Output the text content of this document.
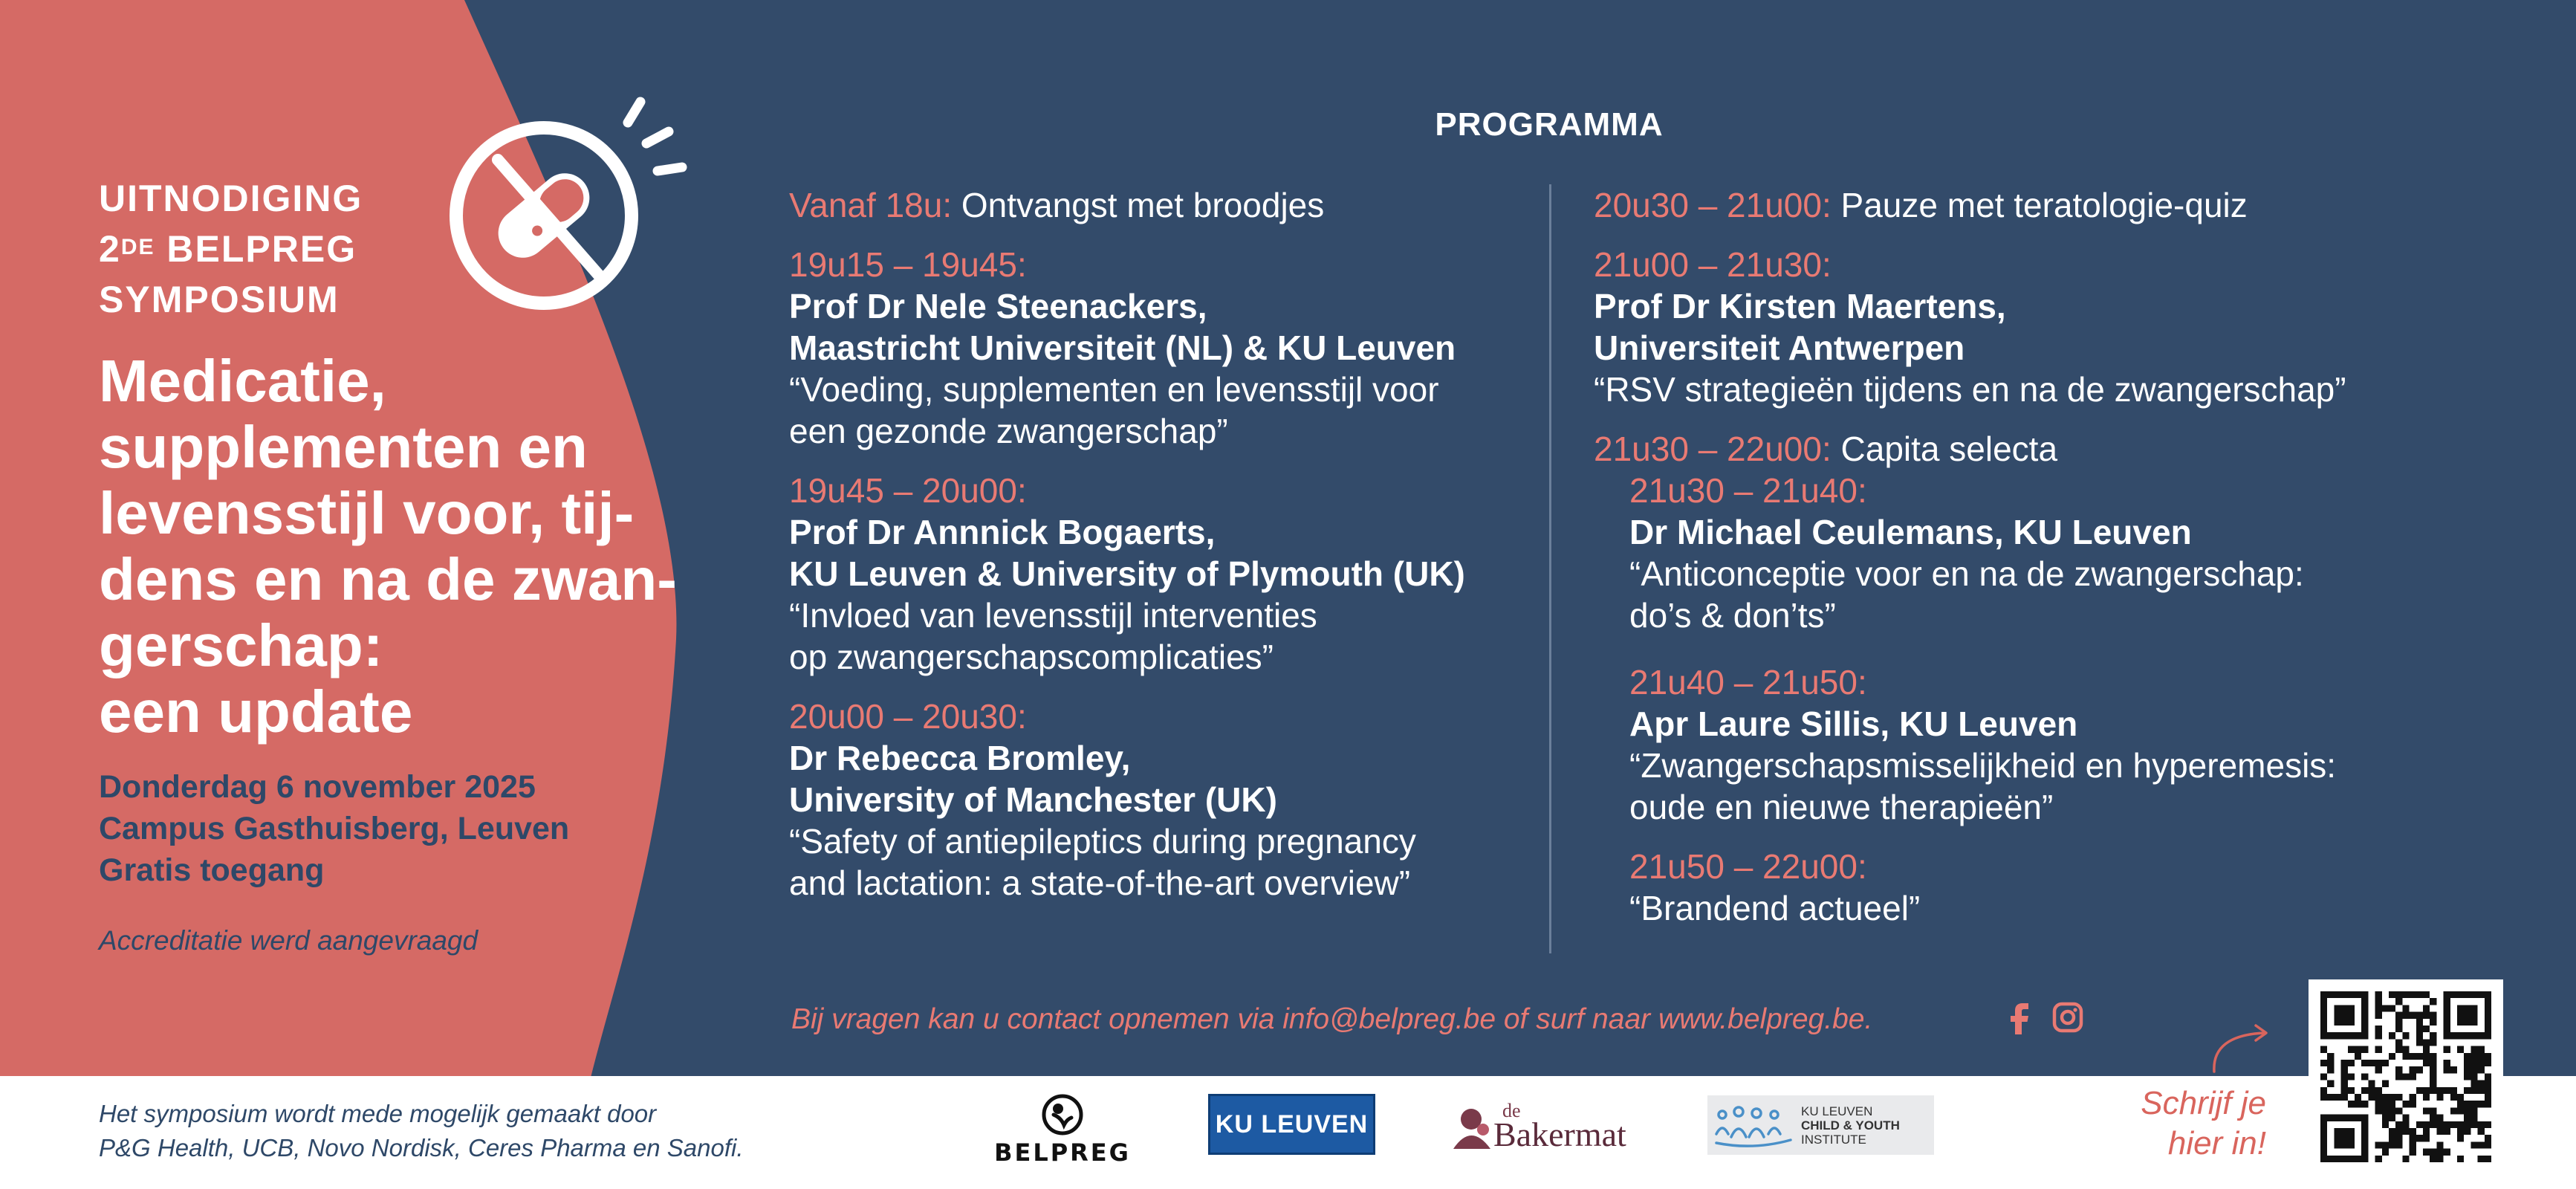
UITNODIGING
2DE BELPREG
SYMPOSIUM
Medicatie,
supplementen en
levensstijl voor, tij-
dens en na de zwan-
gerschap:
een update
Donderdag 6 november 2025
Campus Gasthuisberg, Leuven
Gratis toegang
Accreditatie werd aangevraagd
PROGRAMMA
Vanaf 18u: Ontvangst met broodjes
19u15 – 19u45:
Prof Dr Nele Steenackers,
Maastricht Universiteit (NL) & KU Leuven
“Voeding, supplementen en levensstijl voor
een gezonde zwangerschap”
19u45 – 20u00:
Prof Dr Annnick Bogaerts,
KU Leuven & University of Plymouth (UK)
“Invloed van levensstijl interventies
op zwangerschapscomplicaties”
20u00 – 20u30:
Dr Rebecca Bromley,
University of Manchester (UK)
“Safety of antiepileptics during pregnancy
and lactation: a state-of-the-art overview”
20u30 – 21u00: Pauze met teratologie-quiz
21u00 – 21u30:
Prof Dr Kirsten Maertens,
Universiteit Antwerpen
“RSV strategieën tijdens en na de zwangerschap”
21u30 – 22u00: Capita selecta
21u30 – 21u40:
Dr Michael Ceulemans, KU Leuven
“Anticonceptie voor en na de zwangerschap:
do’s & don’ts”
21u40 – 21u50:
Apr Laure Sillis, KU Leuven
“Zwangerschapsmisselijkheid en hyperemesis:
oude en nieuwe therapieën”
21u50 – 22u00:
“Brandend actueel”
Bij vragen kan u contact opnemen via info@belpreg.be of surf naar www.belpreg.be.
Het symposium wordt mede mogelijk gemaakt door
P&G Health, UCB, Novo Nordisk, Ceres Pharma en Sanofi.	BELPREG
KU LEUVEN	de
Bakermat
KU LEUVEN
CHILD & YOUTH
INSTITUTE
Schrijf je
hier in!
